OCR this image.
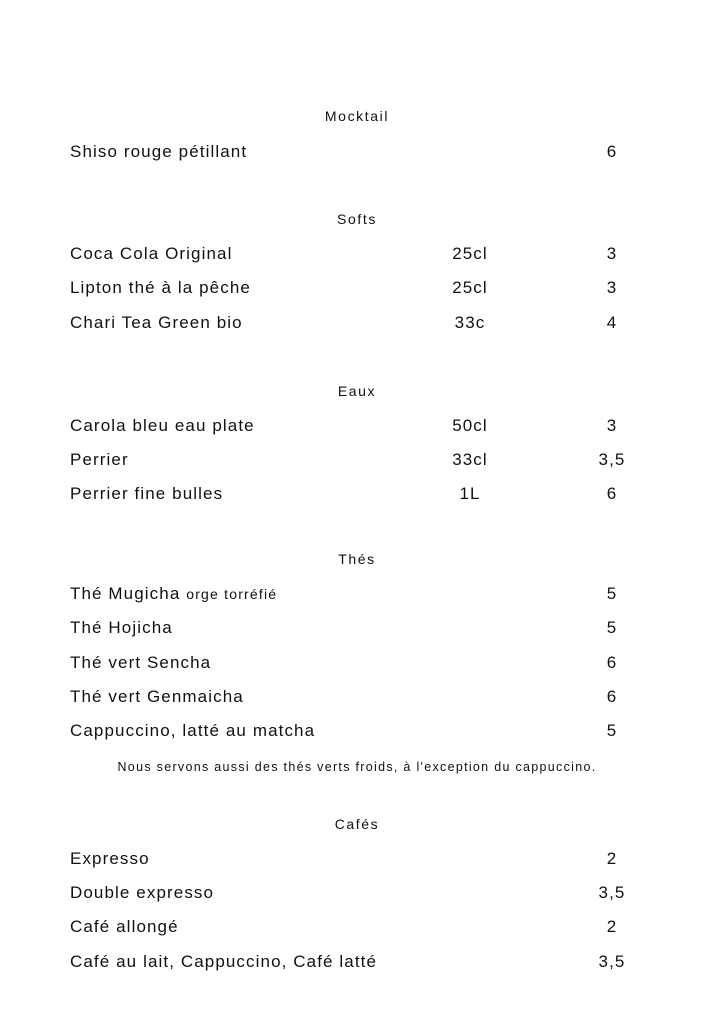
Mocktail
Shiso rouge pétillant	6
Softs
Coca Cola Original	25cl	3
Lipton thé à la pêche	25cl	3
Chari Tea Green bio	33c	4
Eaux
Carola bleu eau plate	50cl	3
Perrier	33cl	3,5
Perrier fine bulles	1L	6
Thés
Thé Mugicha orge torréfié	5
Thé Hojicha	5
Thé vert Sencha	6
Thé vert Genmaicha	6
Cappuccino, latté au matcha	5
Nous servons aussi des thés verts froids, à l'exception du cappuccino.
Cafés
Expresso	2
Double expresso	3,5
Café allongé	2
Café au lait, Cappuccino, Café latté	3,5
